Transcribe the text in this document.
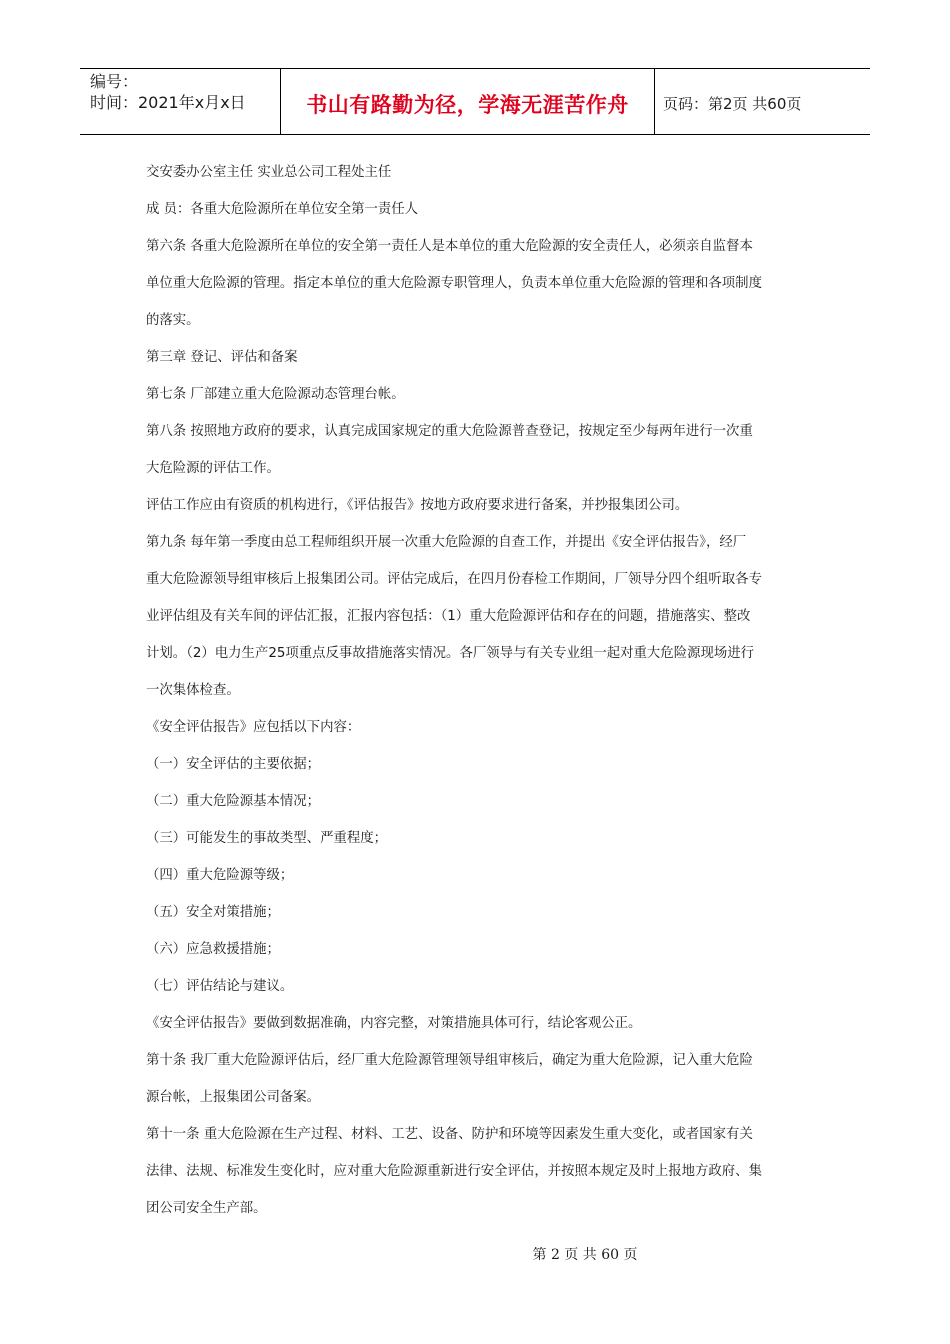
编号：
时间：2021年x月x日	书山有路勤为径，学海无涯苦作舟	页码：第2页 共60页
交安委办公室主任 实业总公司工程处主任
成 员：各重大危险源所在单位安全第一责任人
第六条 各重大危险源所在单位的安全第一责任人是本单位的重大危险源的安全责任人，必须亲自监督本
单位重大危险源的管理。指定本单位的重大危险源专职管理人，负责本单位重大危险源的管理和各项制度
的落实。
第三章 登记、评估和备案
第七条 厂部建立重大危险源动态管理台帐。
第八条 按照地方政府的要求，认真完成国家规定的重大危险源普查登记，按规定至少每两年进行一次重
大危险源的评估工作。
评估工作应由有资质的机构进行，《评估报告》按地方政府要求进行备案，并抄报集团公司。
第九条 每年第一季度由总工程师组织开展一次重大危险源的自查工作，并提出《安全评估报告》，经厂
重大危险源领导组审核后上报集团公司。评估完成后，在四月份春检工作期间，厂领导分四个组听取各专
业评估组及有关车间的评估汇报，汇报内容包括：（1）重大危险源评估和存在的问题，措施落实、整改
计划。（2）电力生产25项重点反事故措施落实情况。各厂领导与有关专业组一起对重大危险源现场进行
一次集体检查。
《安全评估报告》应包括以下内容：
（一）安全评估的主要依据；
（二）重大危险源基本情况；
（三）可能发生的事故类型、严重程度；
（四）重大危险源等级；
（五）安全对策措施；
（六）应急救援措施；
（七）评估结论与建议。
《安全评估报告》要做到数据准确，内容完整，对策措施具体可行，结论客观公正。
第十条 我厂重大危险源评估后，经厂重大危险源管理领导组审核后，确定为重大危险源，记入重大危险
源台帐，上报集团公司备案。
第十一条 重大危险源在生产过程、材料、工艺、设备、防护和环境等因素发生重大变化，或者国家有关
法律、法规、标准发生变化时，应对重大危险源重新进行安全评估，并按照本规定及时上报地方政府、集
团公司安全生产部。
第 2 页 共 60 页
